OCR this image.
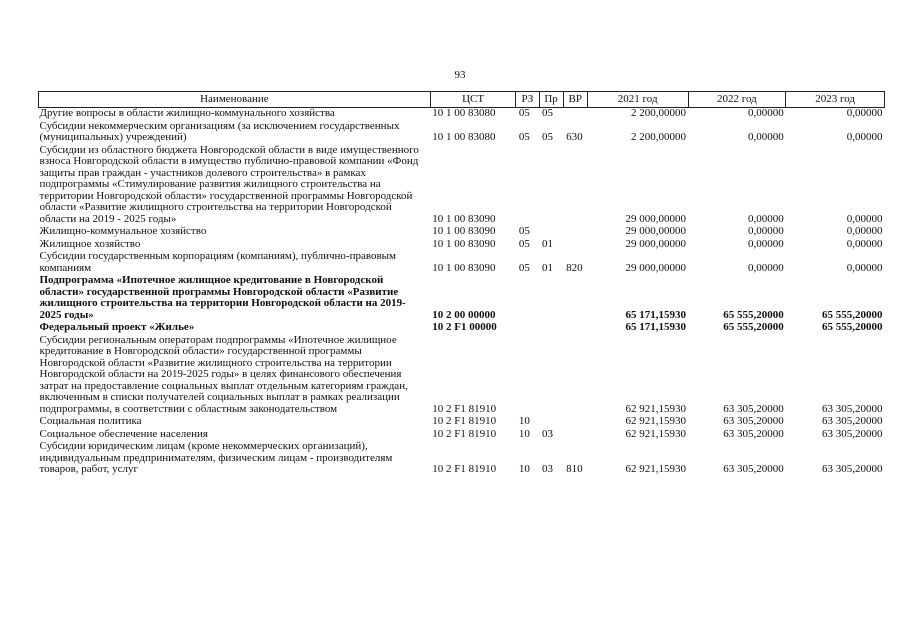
93
Наименование	ЦСТ	РЗ	Пр	ВР	2021 год	2022 год	2023 год
Другие вопросы в области жилищно-коммунального хозяйства	10 1 00 83080	05	05		2 200,00000	0,00000	0,00000
Субсидии некоммерческим организациям (за исключением государственных (муниципальных) учреждений)	10 1 00 83080	05	05	630	2 200,00000	0,00000	0,00000
Субсидии из областного бюджета Новгородской области в виде имущественного взноса Новгородской области в имущество публично-правовой компании «Фонд защиты прав граждан - участников долевого строительства» в рамках подпрограммы «Стимулирование развития жилищного строительства на территории Новгородской области» государственной программы Новгородской области «Развитие жилищного строительства на территории Новгородской области на 2019 - 2025 годы»	10 1 00 83090				29 000,00000	0,00000	0,00000
Жилищно-коммунальное хозяйство	10 1 00 83090	05			29 000,00000	0,00000	0,00000
Жилищное хозяйство	10 1 00 83090	05	01		29 000,00000	0,00000	0,00000
Субсидии государственным корпорациям (компаниям), публично-правовым компаниям	10 1 00 83090	05	01	820	29 000,00000	0,00000	0,00000
Подпрограмма «Ипотечное жилищное кредитование в Новгородской области» государственной программы Новгородской области «Развитие жилищного строительства на территории Новгородской области на 2019-2025 годы»	10 2 00 00000				65 171,15930	65 555,20000	65 555,20000
Федеральный проект «Жилье»	10 2 F1 00000				65 171,15930	65 555,20000	65 555,20000
Субсидии региональным операторам подпрограммы «Ипотечное жилищное кредитование в Новгородской области» государственной программы Новгородской области «Развитие жилищного строительства на территории Новгородской области на 2019-2025 годы» в целях финансового обеспечения затрат на предоставление социальных выплат отдельным категориям граждан, включенным в списки получателей социальных выплат в рамках реализации подпрограммы, в соответствии с областным законодательством	10 2 F1 81910				62 921,15930	63 305,20000	63 305,20000
Социальная политика	10 2 F1 81910	10			62 921,15930	63 305,20000	63 305,20000
Социальное обеспечение населения	10 2 F1 81910	10	03		62 921,15930	63 305,20000	63 305,20000
Субсидии юридическим лицам (кроме некоммерческих организаций), индивидуальным предпринимателям, физическим лицам - производителям товаров, работ, услуг	10 2 F1 81910	10	03	810	62 921,15930	63 305,20000	63 305,20000
